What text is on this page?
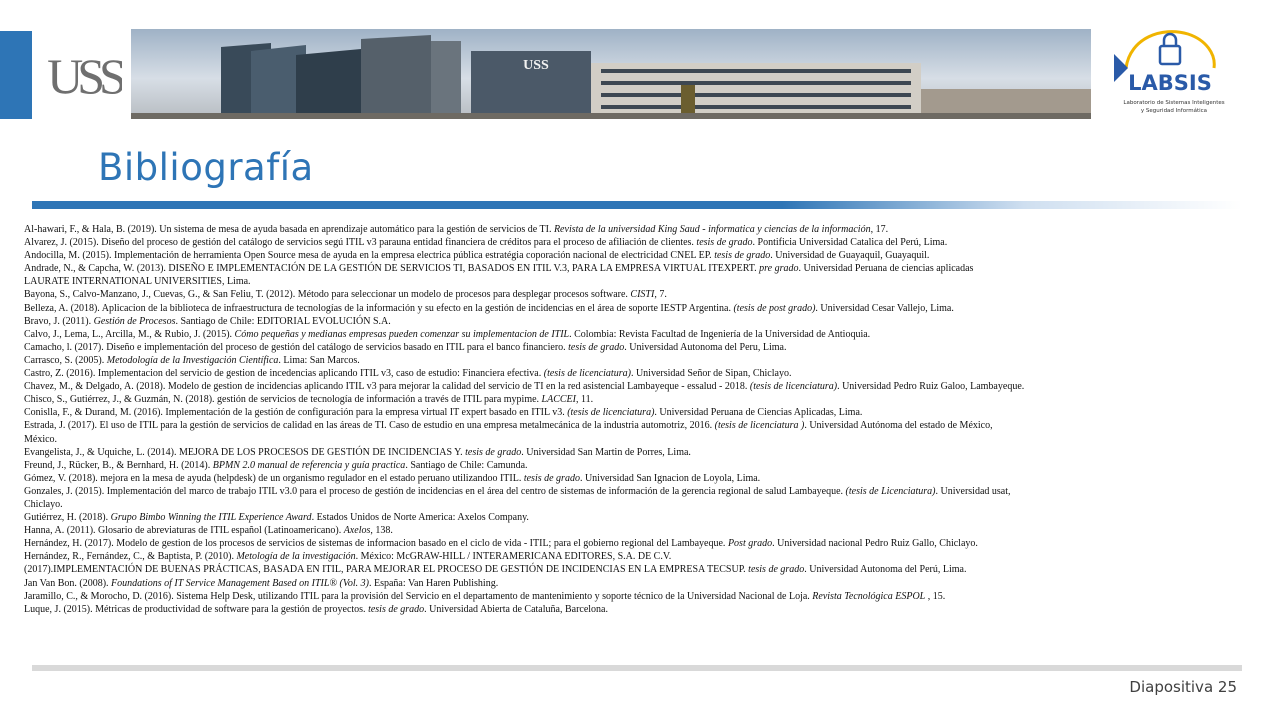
USS	USS
LABSIS
Laboratorio de Sistemas Inteligentes
y Seguridad Informática
Bibliografía
Al-hawari, F., & Hala, B. (2019). Un sistema de mesa de ayuda basada en aprendizaje automático para la gestión de servicios de TI. Revista de la universidad King Saud - informatica y ciencias de la información, 17.
Alvarez, J. (2015). Diseño del proceso de gestión del catálogo de servicios segú ITIL v3 parauna entidad financiera de créditos para el proceso de afiliación de clientes. tesis de grado. Pontificia Universidad Catalica del Perú, Lima.
Andocilla, M. (2015). Implementación de herramienta Open Source mesa de ayuda en la empresa electrica pública estratégia coporación nacional de electricidad CNEL EP. tesis de grado. Universidad de Guayaquil, Guayaquil.
Andrade, N., & Capcha, W. (2013). DISEÑO E IMPLEMENTACIÓN DE LA GESTIÓN DE SERVICIOS TI, BASADOS EN ITIL V.3, PARA LA EMPRESA VIRTUAL ITEXPERT. pre grado. Universidad Peruana de ciencias aplicadas
LAURATE INTERNATIONAL UNIVERSITIES, Lima.
Bayona, S., Calvo-Manzano, J., Cuevas, G., & San Feliu, T. (2012). Método para seleccionar un modelo de procesos para desplegar procesos software. CISTI, 7.
Belleza, A. (2018). Aplicacion de la biblioteca de infraestructura de tecnologías de la información y su efecto en la gestión de incidencias en el área de soporte IESTP Argentina. (tesis de post grado). Universidad Cesar Vallejo, Lima.
Bravo, J. (2011). Gestión de Procesos. Santiago de Chile: EDITORIAL EVOLUCIÓN S.A.
Calvo, J., Lema, L., Arcilla, M., & Rubio, J. (2015). Cómo pequeñas y medianas empresas pueden comenzar su implementacion de ITIL. Colombia: Revista Facultad de Ingeniería de la Universidad de Antioquia.
Camacho, l. (2017). Diseño e implementación del proceso de gestión del catálogo de servicios basado en ITIL para el banco financiero. tesis de grado. Universidad Autonoma del Peru, Lima.
Carrasco, S. (2005). Metodología de la Investigación Científica. Lima: San Marcos.
Castro, Z. (2016). Implementacion del servicio de gestion de incedencias aplicando ITIL v3, caso de estudio: Financiera efectiva. (tesis de licenciatura). Universidad Señor de Sipan, Chiclayo.
Chavez, M., & Delgado, A. (2018). Modelo de gestion de incidencias aplicando ITIL v3 para mejorar la calidad del servicio de TI en la red asistencial Lambayeque - essalud - 2018. (tesis de licenciatura). Universidad Pedro Ruiz Galoo, Lambayeque.
Chisco, S., Gutiérrez, J., & Guzmán, N. (2018). gestión de servicios de tecnología de información a través de ITIL para mypime. LACCEI, 11.
Conislla, F., & Durand, M. (2016). Implementación de la gestión de configuración para la empresa virtual IT expert basado en ITIL v3. (tesis de licenciatura). Universidad Peruana de Ciencias Aplicadas, Lima.
Estrada, J. (2017). El uso de ITIL para la gestión de servicios de calidad en las áreas de TI. Caso de estudio en una empresa metalmecánica de la industria automotriz, 2016. (tesis de licenciatura ). Universidad Autónoma del estado de México,
México.
Evangelista, J., & Uquiche, L. (2014). MEJORA DE LOS PROCESOS DE GESTIÓN DE INCIDENCIAS Y. tesis de grado. Universidad San Martin de Porres, Lima.
Freund, J., Rücker, B., & Bernhard, H. (2014). BPMN 2.0 manual de referencia y guía practica. Santiago de Chile: Camunda.
Gómez, V. (2018). mejora en la mesa de ayuda (helpdesk) de un organismo regulador en el estado peruano utilizandoo ITIL. tesis de grado. Universidad San Ignacion de Loyola, Lima.
Gonzales, J. (2015). Implementación del marco de trabajo ITIL v3.0 para el proceso de gestión de incidencias en el área del centro de sistemas de información de la gerencia regional de salud Lambayeque. (tesis de Licenciatura). Universidad usat,
Chiclayo.
Gutiérrez, H. (2018). Grupo Bimbo Winning the ITIL Experience Award. Estados Unidos de Norte America: Axelos Company.
Hanna, A. (2011). Glosario de abreviaturas de ITIL español (Latinoamericano). Axelos, 138.
Hernández, H. (2017). Modelo de gestion de los procesos de servicios de sistemas de informacion basado en el ciclo de vida - ITIL; para el gobierno regional del Lambayeque. Post grado. Universidad nacional Pedro Ruiz Gallo, Chiclayo.
Hernández, R., Fernández, C., & Baptista, P. (2010). Metología de la investigación. México: McGRAW-HILL / INTERAMERICANA EDITORES, S.A. DE C.V.
(2017).IMPLEMENTACIÓN DE BUENAS PRÁCTICAS, BASADA EN ITIL, PARA MEJORAR EL PROCESO DE GESTIÓN DE INCIDENCIAS EN LA EMPRESA TECSUP. tesis de grado. Universidad Autonoma del Perú, Lima.
Jan Van Bon. (2008). Foundations of IT Service Management Based on ITIL® (Vol. 3). España: Van Haren Publishing.
Jaramillo, C., & Morocho, D. (2016). Sistema Help Desk, utilizando ITIL para la provisión del Servicio en el departamento de mantenimiento y soporte técnico de la Universidad Nacional de Loja. Revista Tecnológica ESPOL , 15.
Luque, J. (2015). Métricas de productividad de software para la gestión de proyectos. tesis de grado. Universidad Abierta de Cataluña, Barcelona.
Diapositiva 25
